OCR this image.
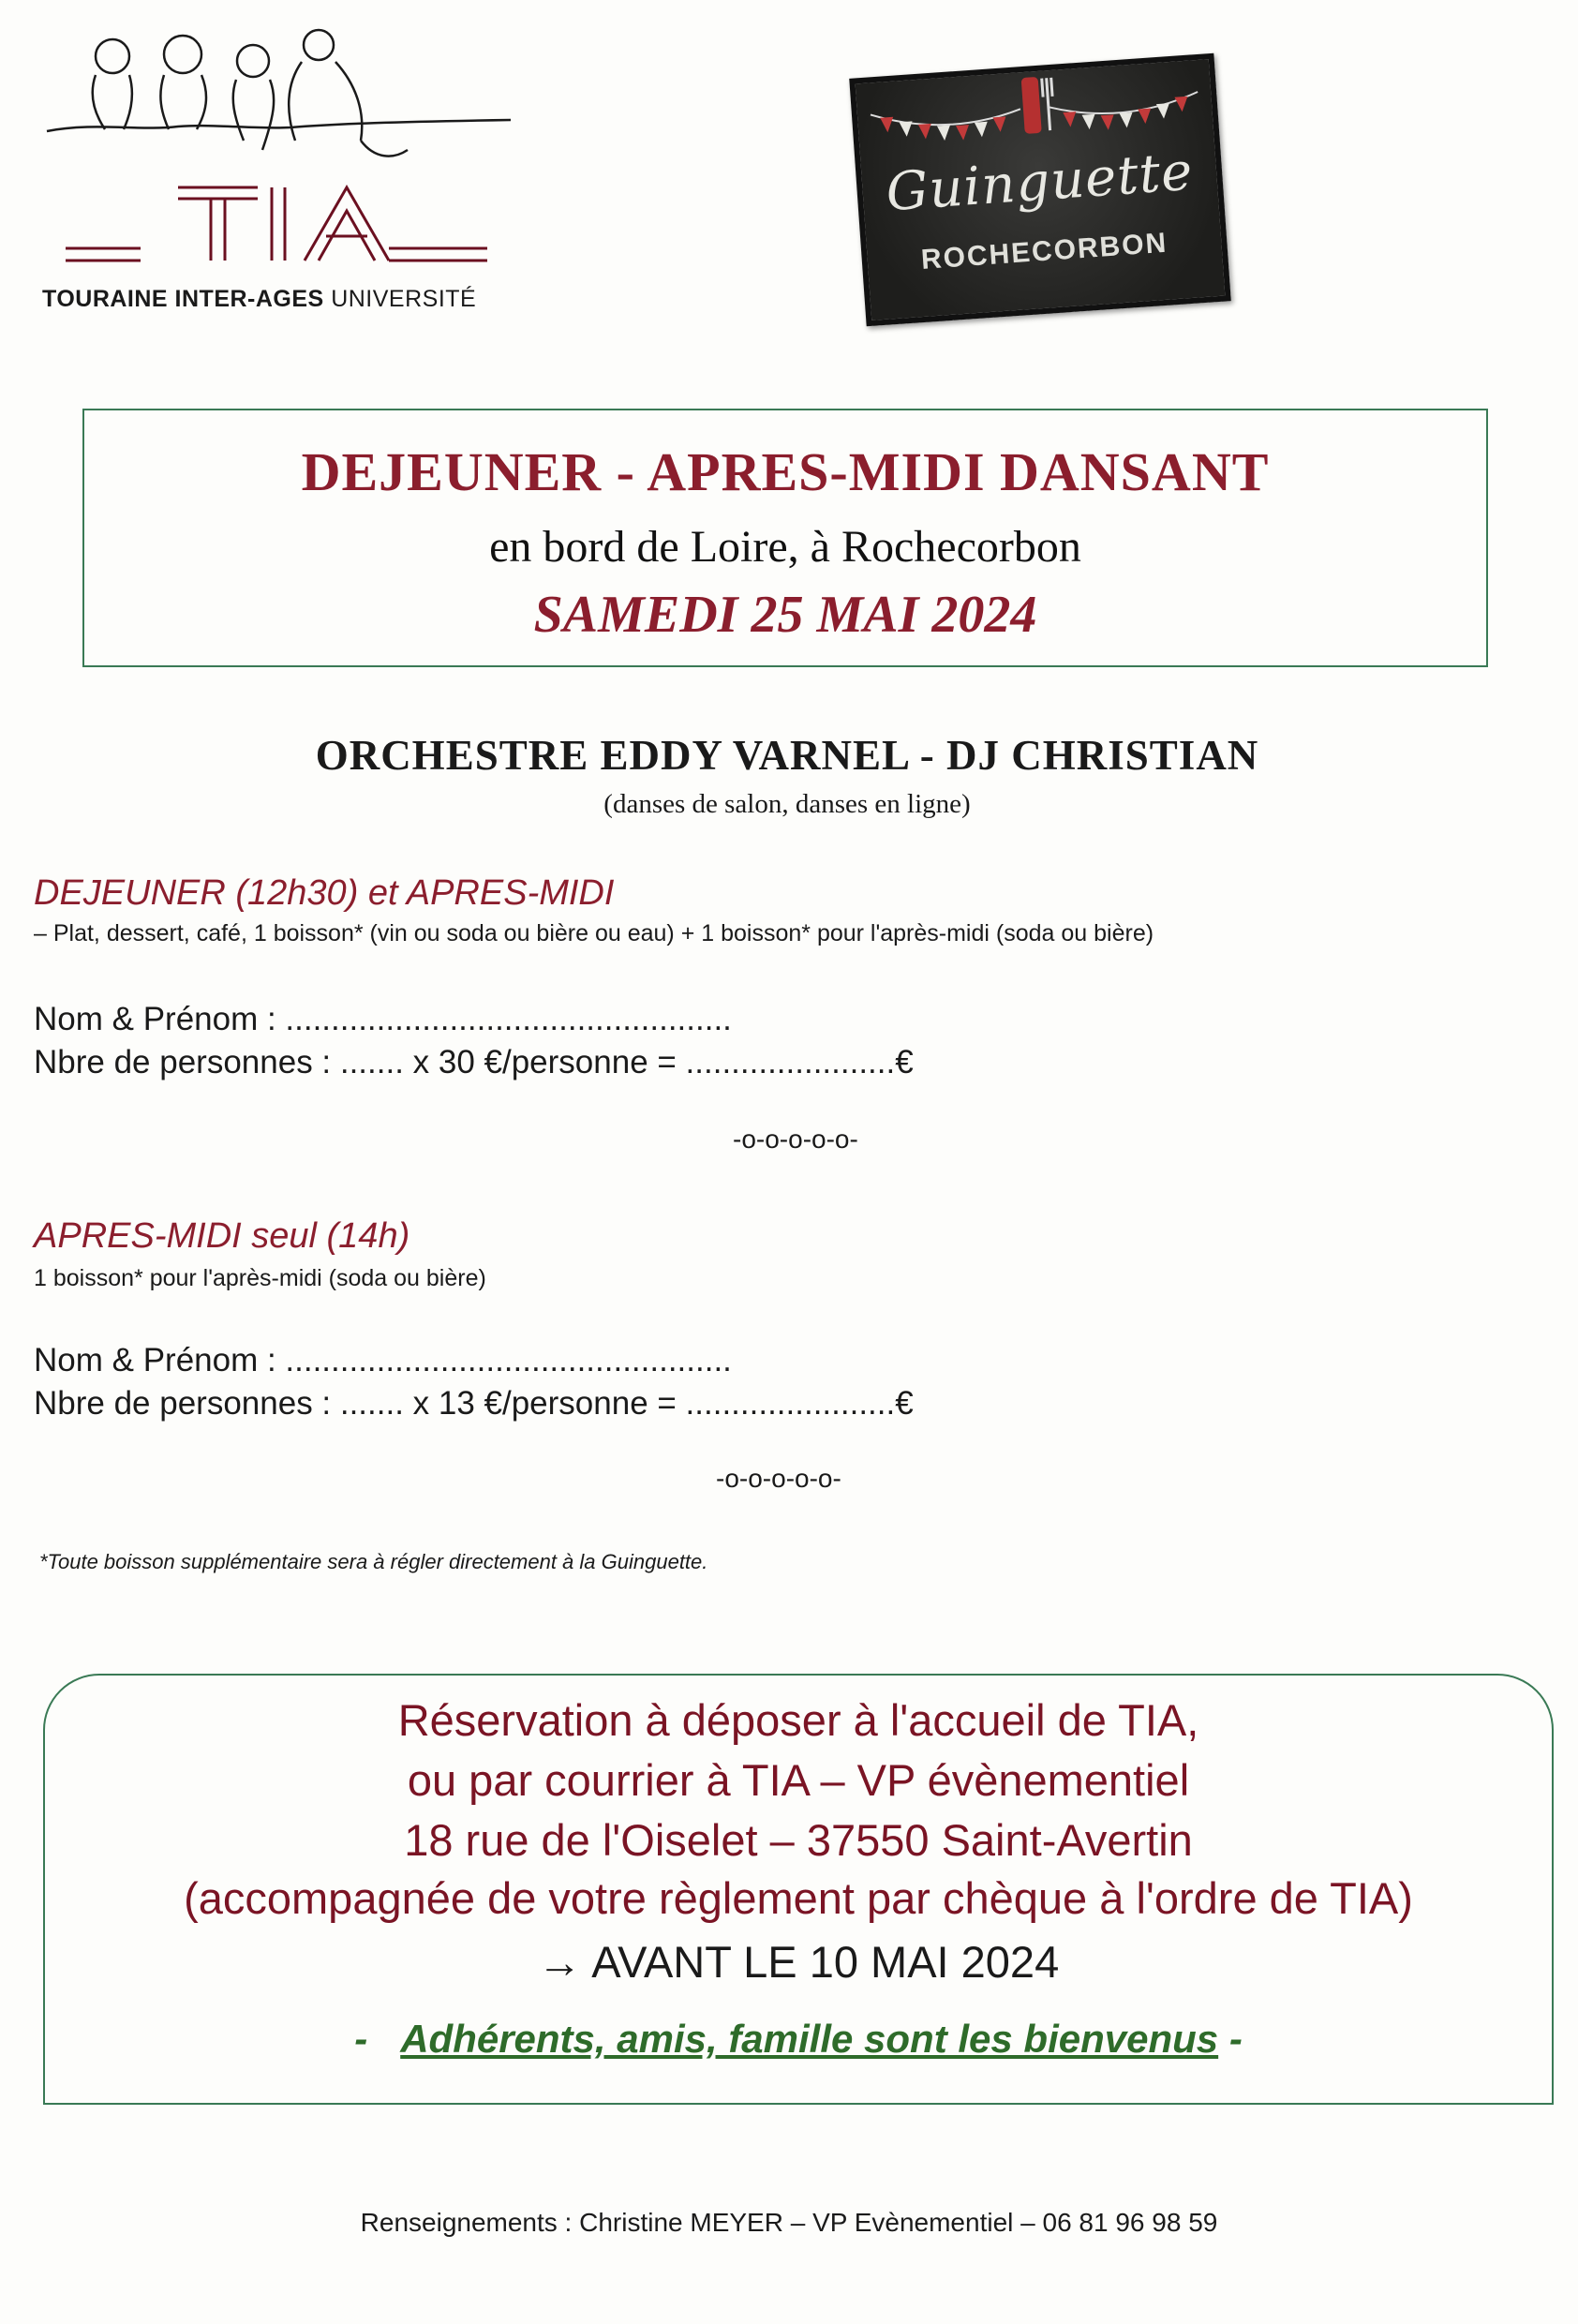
TOURAINE INTER-AGES UNIVERSITÉ
Guinguette
ROCHECORBON
DEJEUNER - APRES-MIDI DANSANT
en bord de Loire, à Rochecorbon
SAMEDI 25 MAI 2024
ORCHESTRE EDDY VARNEL - DJ CHRISTIAN
(danses de salon, danses en ligne)
DEJEUNER (12h30) et APRES-MIDI
– Plat, dessert, café, 1 boisson* (vin ou soda ou bière ou eau) + 1 boisson* pour l'après-midi (soda ou bière)
Nom & Prénom : .................................................
Nbre de personnes : ....... x 30 €/personne = .......................€
-o-o-o-o-o-
APRES-MIDI seul (14h)
1 boisson* pour l'après-midi (soda ou bière)
Nom & Prénom : .................................................
Nbre de personnes : ....... x 13 €/personne = .......................€
-o-o-o-o-o-
*Toute boisson supplémentaire sera à régler directement à la Guinguette.
Réservation à déposer à l'accueil de TIA,
ou par courrier à TIA – VP évènementiel
18 rue de l'Oiselet – 37550 Saint-Avertin
(accompagnée de votre règlement par chèque à l'ordre de TIA)
→ AVANT LE 10 MAI 2024
- Adhérents, amis, famille sont les bienvenus -
Renseignements : Christine MEYER – VP Evènementiel – 06 81 96 98 59
